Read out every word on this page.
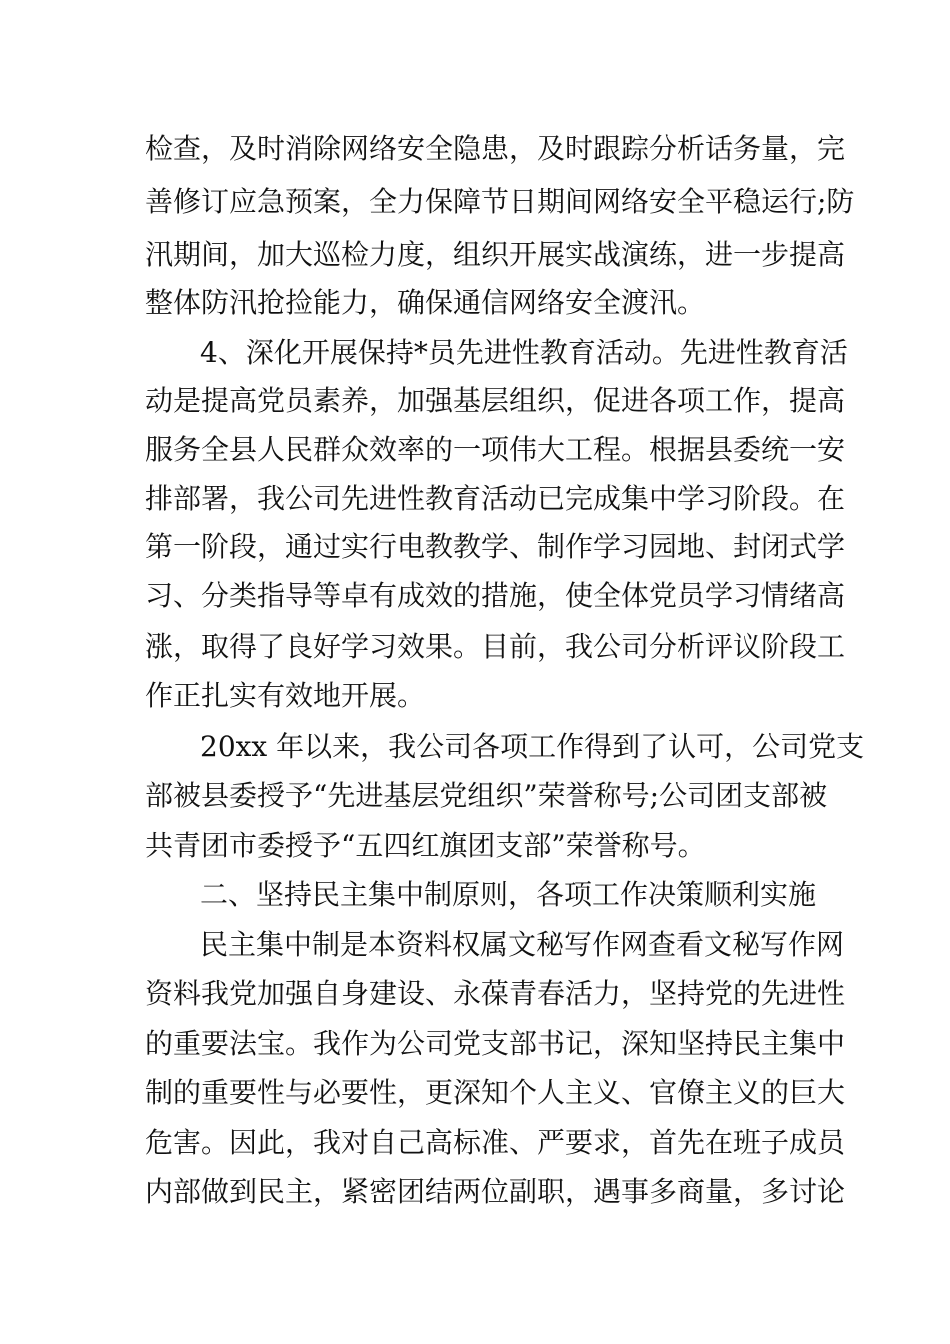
检查，及时消除网络安全隐患，及时跟踪分析话务量，完
善修订应急预案，全力保障节日期间网络安全平稳运行;防
汛期间，加大巡检力度，组织开展实战演练，进一步提高
整体防汛抢捡能力，确保通信网络安全渡汛。
4、深化开展保持*员先进性教育活动。先进性教育活
动是提高党员素养，加强基层组织，促进各项工作，提高
服务全县人民群众效率的一项伟大工程。根据县委统一安
排部署，我公司先进性教育活动已完成集中学习阶段。在
第一阶段，通过实行电教教学、制作学习园地、封闭式学
习、分类指导等卓有成效的措施，使全体党员学习情绪高
涨，取得了良好学习效果。目前，我公司分析评议阶段工
作正扎实有效地开展。
20xx 年以来，我公司各项工作得到了认可，公司党支
部被县委授予“先进基层党组织”荣誉称号;公司团支部被
共青团市委授予“五四红旗团支部”荣誉称号。
二、坚持民主集中制原则，各项工作决策顺利实施
民主集中制是本资料权属文秘写作网查看文秘写作网
资料我党加强自身建设、永葆青春活力，坚持党的先进性
的重要法宝。我作为公司党支部书记，深知坚持民主集中
制的重要性与必要性，更深知个人主义、官僚主义的巨大
危害。因此，我对自己高标准、严要求，首先在班子成员
内部做到民主，紧密团结两位副职，遇事多商量，多讨论
